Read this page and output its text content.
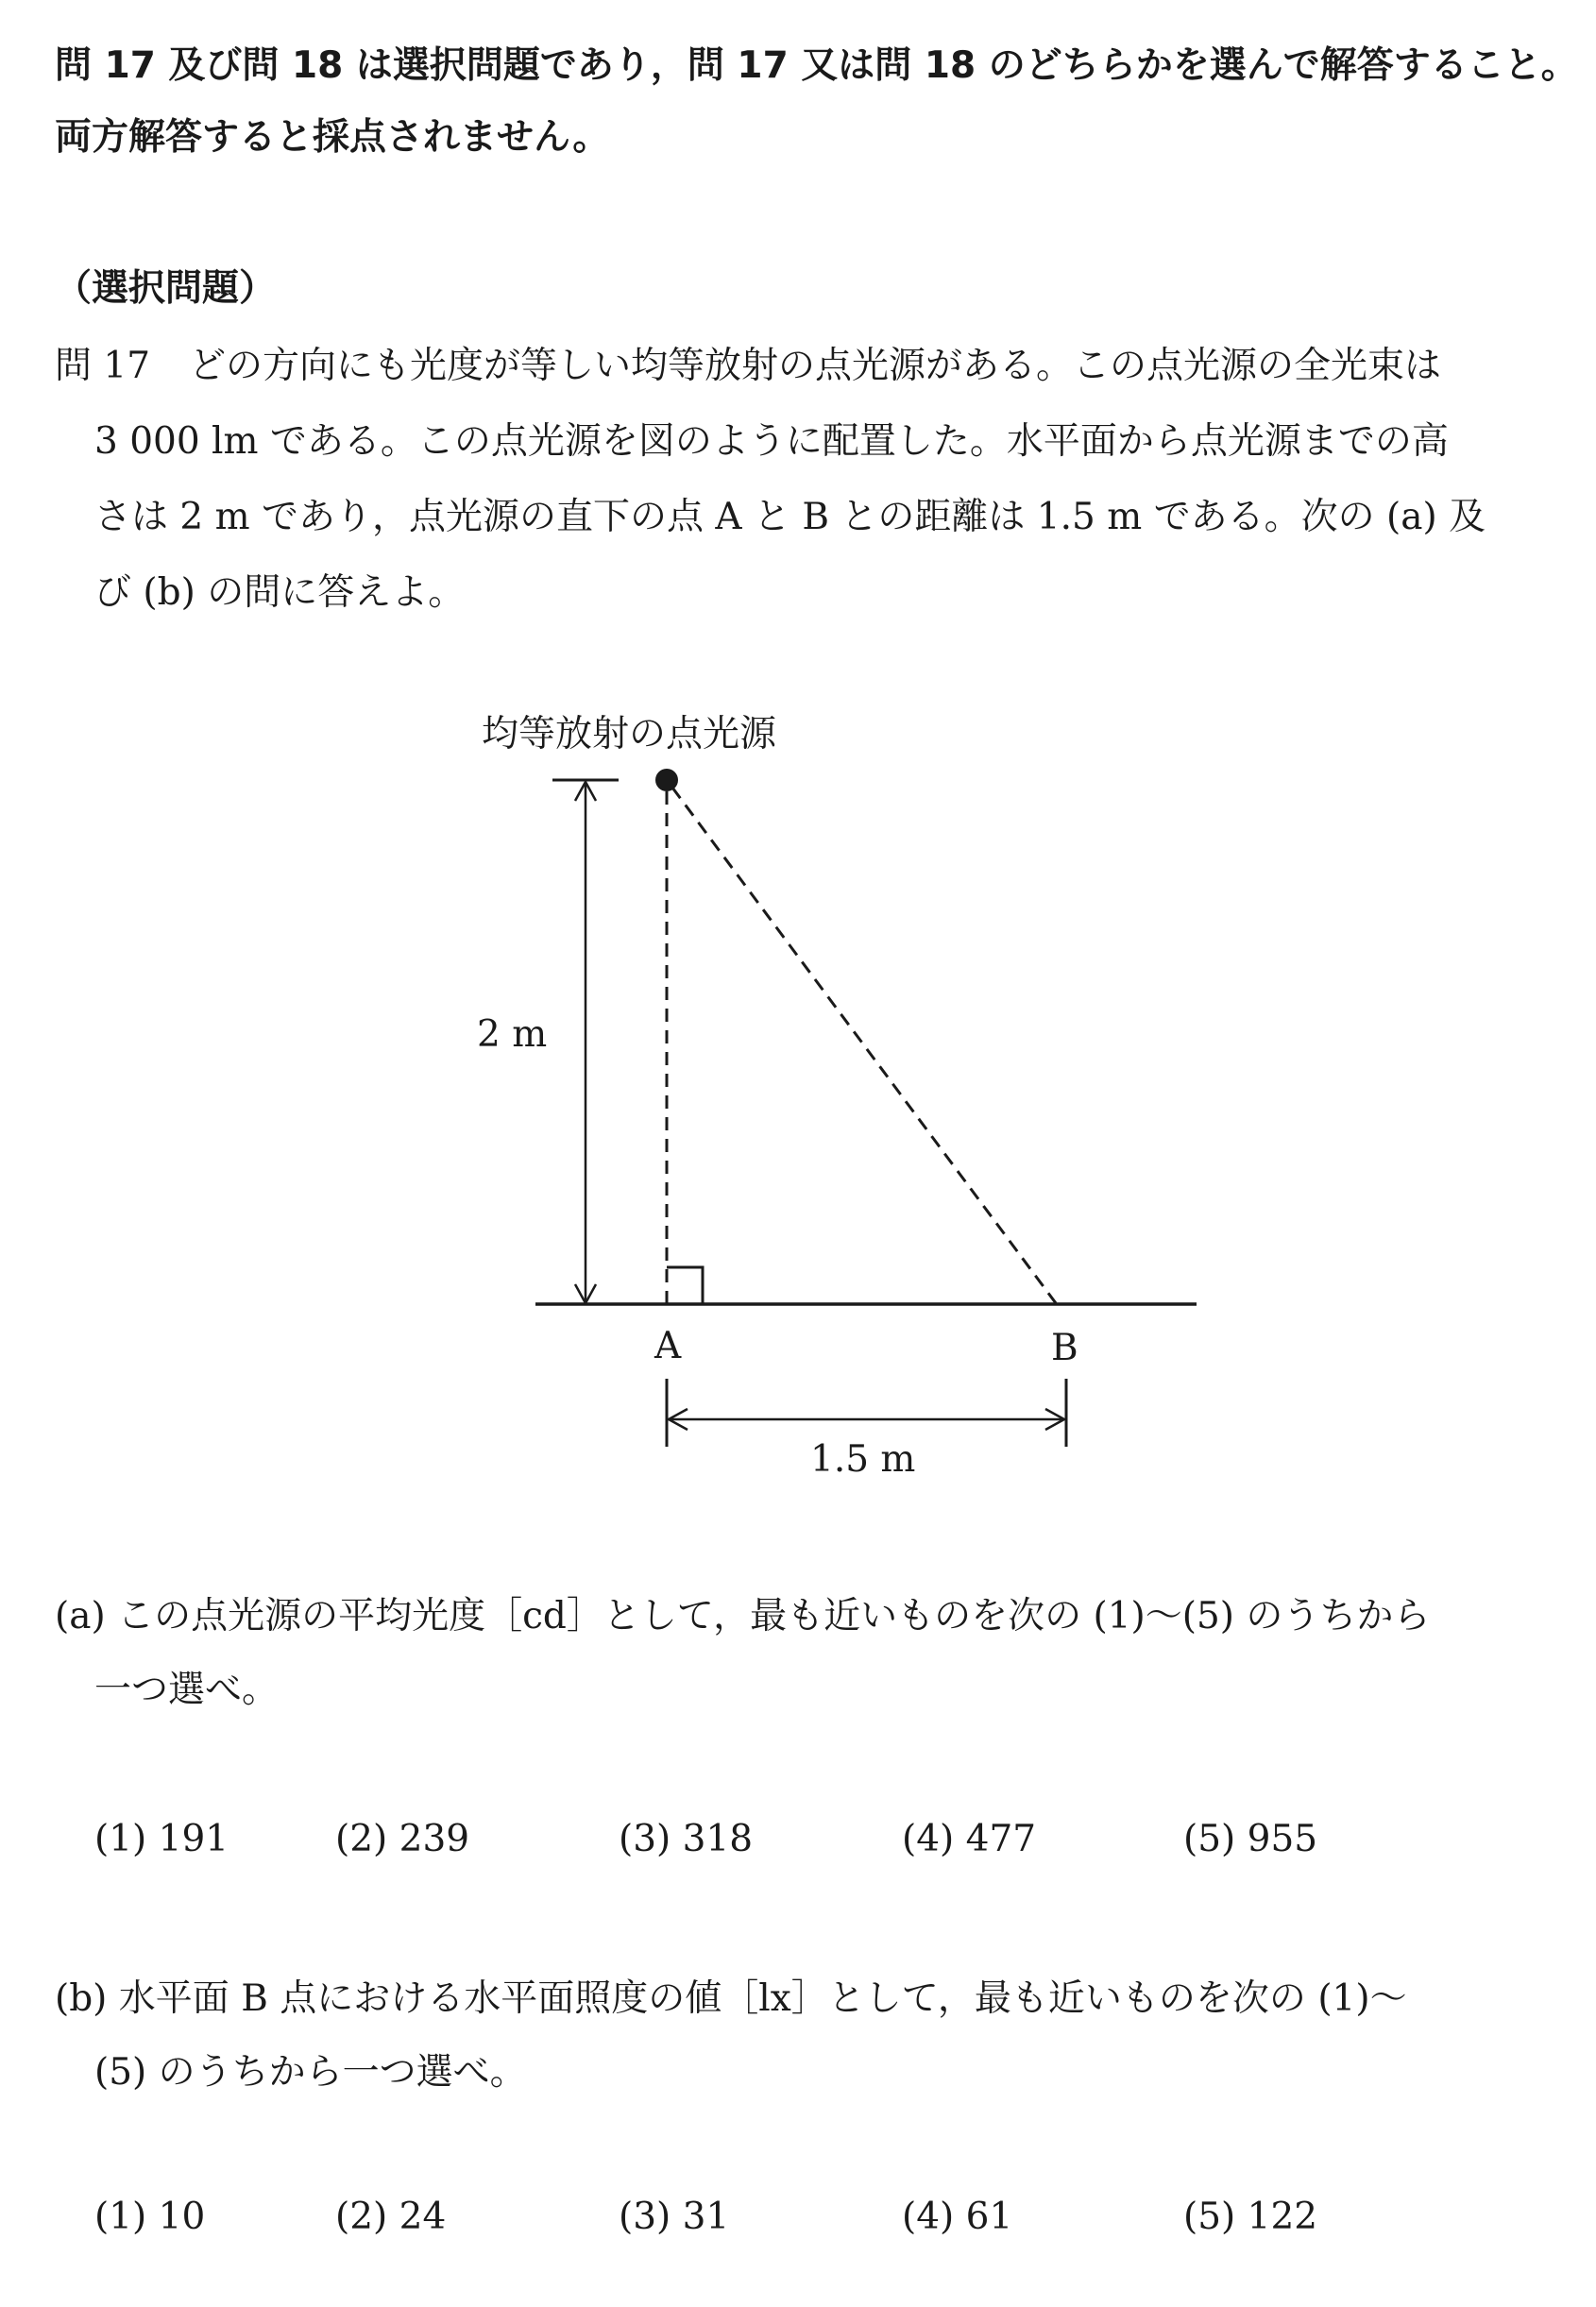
問 17 及び問 18 は選択問題であり，問 17 又は問 18 のどちらかを選んで解答すること。
両方解答すると採点されません。
（選択問題）
問 17 どの方向にも光度が等しい均等放射の点光源がある。この点光源の全光束は
3 000 lm である。この点光源を図のように配置した。水平面から点光源までの高
さは 2 m であり，点光源の直下の点 A と B との距離は 1.5 m である。次の (a) 及
び (b) の問に答えよ。
均等放射の点光源
2 m
A	B
1.5 m
(a) この点光源の平均光度［cd］として，最も近いものを次の (1)～(5) のうちから
一つ選べ。
(1) 191	(2) 239	(3) 318	(4) 477	(5) 955
(b) 水平面 B 点における水平面照度の値［lx］として，最も近いものを次の (1)～
(5) のうちから一つ選べ。
(1) 10	(2) 24	(3) 31	(4) 61	(5) 122
